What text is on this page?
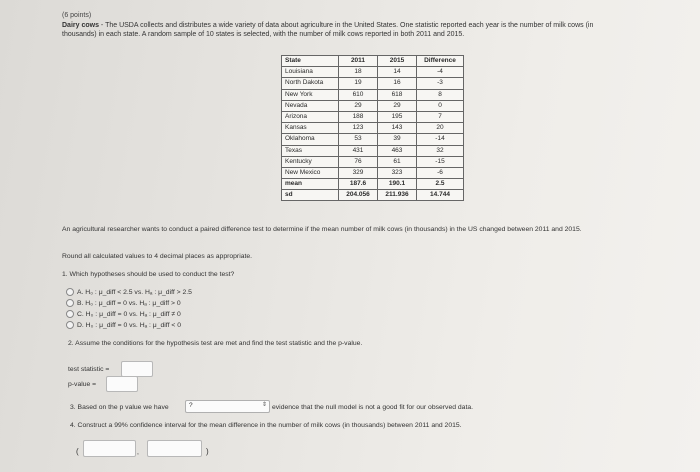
(6 points)
Dairy cows - The USDA collects and distributes a wide variety of data about agriculture in the United States. One statistic reported each year is the number of milk cows (in
thousands) in each state. A random sample of 10 states is selected, with the number of milk cows reported in both 2011 and 2015.
State	2011	2015	Difference
Louisiana	18	14	-4
North Dakota	19	16	-3
New York	610	618	8
Nevada	29	29	0
Arizona	188	195	7
Kansas	123	143	20
Oklahoma	53	39	-14
Texas	431	463	32
Kentucky	76	61	-15
New Mexico	329	323	-6
mean	187.6	190.1	2.5
sd	204.056	211.936	14.744
An agricultural researcher wants to conduct a paired difference test to determine if the mean number of milk cows (in thousands) in the US changed between 2011 and 2015.
Round all calculated values to 4 decimal places as appropriate.
1. Which hypotheses should be used to conduct the test?
A. H₀ : μ_diff < 2.5 vs. Hₐ : μ_diff > 2.5
B. H₀ : μ_diff = 0 vs. Hₐ : μ_diff > 0
C. H₀ : μ_diff = 0 vs. Hₐ : μ_diff ≠ 0
D. H₀ : μ_diff = 0 vs. Hₐ : μ_diff < 0
2. Assume the conditions for the hypothesis test are met and find the test statistic and the p-value.
test statistic =
p-value =
3. Based on the p value we have	?	⇕ evidence that the null model is not a good fit for our observed data.
4. Construct a 99% confidence interval for the mean difference in the number of milk cows (in thousands) between 2011 and 2015.
(	,	)
